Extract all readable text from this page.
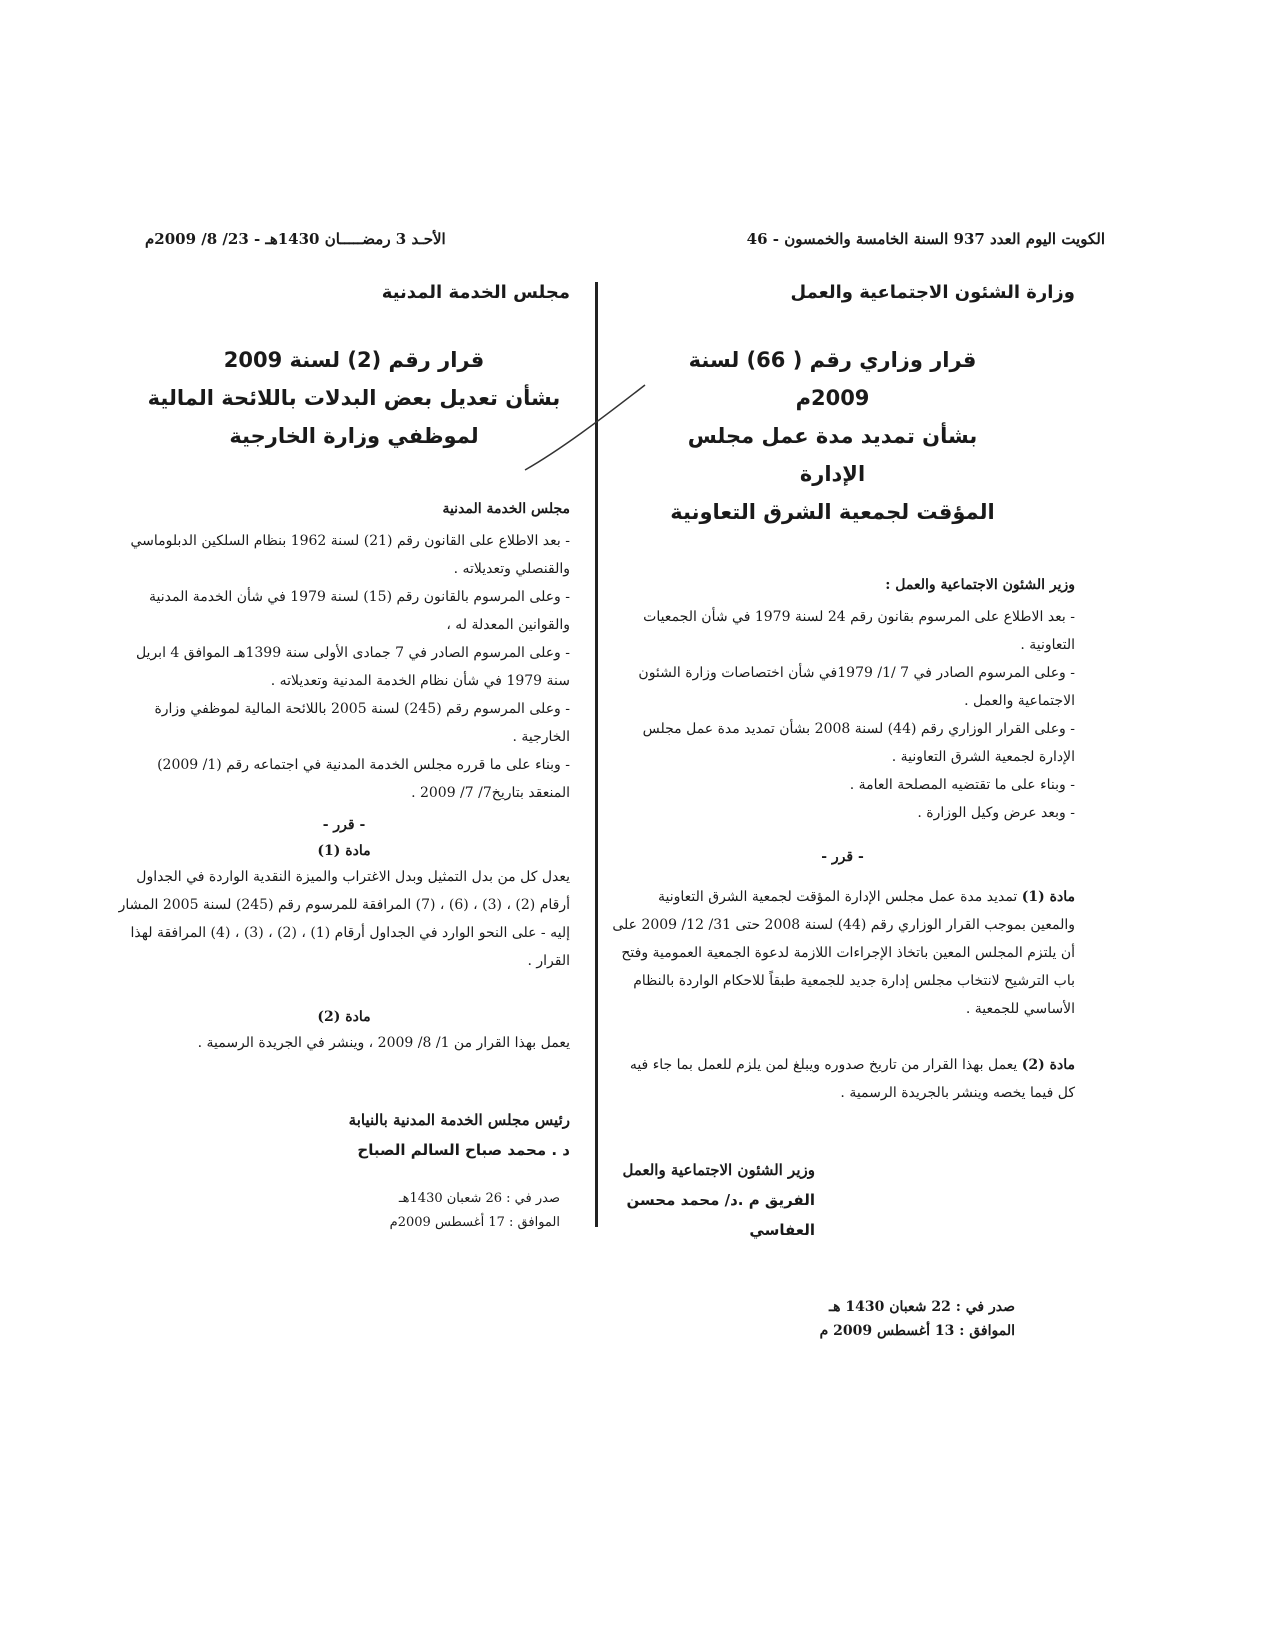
الكويت اليوم العدد 937 السنة الخامسة والخمسون - 46
الأحـد 3 رمضـــــان 1430هـ - 23/ 8/ 2009م
وزارة الشئون الاجتماعية والعمل
قرار وزاري رقم ( 66) لسنة 2009م
بشأن تمديد مدة عمل مجلس الإدارة
المؤقت لجمعية الشرق التعاونية

وزير الشئون الاجتماعية والعمل :

- بعد الاطلاع على المرسوم بقانون رقم 24 لسنة 1979 في شأن الجمعيات التعاونية .

- وعلى المرسوم الصادر في 7 /1/ 1979في شأن اختصاصات وزارة الشئون الاجتماعية والعمل .

- وعلى القرار الوزاري رقم (44) لسنة 2008 بشأن تمديد مدة عمل مجلس الإدارة لجمعية الشرق التعاونية .

- وبناء على ما تقتضيه المصلحة العامة .

- وبعد عرض وكيل الوزارة .

- قرر -

مادة (1) تمديد مدة عمل مجلس الإدارة المؤقت لجمعية الشرق التعاونية والمعين بموجب القرار الوزاري رقم (44) لسنة 2008 حتى 31/ 12/ 2009 على أن يلتزم المجلس المعين باتخاذ الإجراءات اللازمة لدعوة الجمعية العمومية وفتح باب الترشيح لانتخاب مجلس إدارة جديد للجمعية طبقاً للاحكام الواردة بالنظام الأساسي للجمعية .

مادة (2) يعمل بهذا القرار من تاريخ صدوره ويبلغ لمن يلزم للعمل بما جاء فيه كل فيما يخصه وينشر بالجريدة الرسمية .

وزير الشئون الاجتماعية والعمل

الفريق م .د/ محمد محسن العفاسي

صدر في : 22 شعبان 1430 هـ
الموافق : 13 أغسطس 2009 م
مجلس الخدمة المدنية
قرار رقم (2) لسنة 2009
بشأن تعديل بعض البدلات باللائحة المالية
لموظفي وزارة الخارجية

مجلس الخدمة المدنية

- بعد الاطلاع على القانون رقم (21) لسنة 1962 بنظام السلكين الدبلوماسي والقنصلي وتعديلاته .

- وعلى المرسوم بالقانون رقم (15) لسنة 1979 في شأن الخدمة المدنية والقوانين المعدلة له ،

- وعلى المرسوم الصادر في 7 جمادى الأولى سنة 1399هـ الموافق 4 ابريل سنة 1979 في شأن نظام الخدمة المدنية وتعديلاته .

- وعلى المرسوم رقم (245) لسنة 2005 باللائحة المالية لموظفي وزارة الخارجية .

- وبناء على ما قرره مجلس الخدمة المدنية في اجتماعه رقم (1/ 2009) المنعقد بتاريخ7/ 7/ 2009 .

- قرر -
مادة (1)

يعدل كل من بدل التمثيل وبدل الاغتراب والميزة النقدية الواردة في الجداول أرقام (2) ، (3) ، (6) ، (7) المرافقة للمرسوم رقم (245) لسنة 2005 المشار إليه - على النحو الوارد في الجداول أرقام (1) ، (2) ، (3) ، (4) المرافقة لهذا القرار .

مادة (2)

يعمل بهذا القرار من 1/ 8/ 2009 ، وينشر في الجريدة الرسمية .

رئيس مجلس الخدمة المدنية بالنيابة

د . محمد صباح السالم الصباح

صدر في : 26 شعبان 1430هـ
الموافق : 17 أغسطس 2009م
